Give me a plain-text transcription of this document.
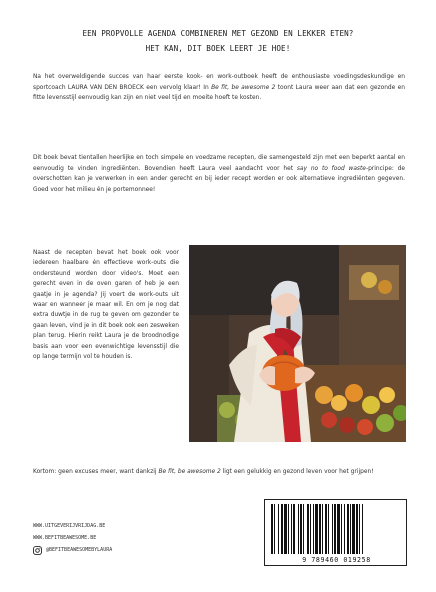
EEN PROPVOLLE AGENDA COMBINEREN MET GEZOND EN LEKKER ETEN?
HET KAN, DIT BOEK LEERT JE HOE!
Na het overweldigende succes van haar eerste kook- en work-outboek heeft de enthousiaste voedingsdeskundige en sportcoach LAURA VAN DEN BROECK een vervolg klaar! In Be fit, be awesome 2 toont Laura weer aan dat een gezonde en fitte levensstijl eenvoudig kan zijn en niet veel tijd en moeite hoeft te kosten.
Dit boek bevat tientallen heerlijke en toch simpele en voedzame recepten, die samengesteld zijn met een beperkt aantal en eenvoudig te vinden ingrediënten. Bovendien heeft Laura veel aandacht voor het say no to food waste-principe: de overschotten kan je verwerken in een ander gerecht en bij ieder recept worden er ook alternatieve ingrediënten gegeven. Goed voor het milieu én je portemonnee!
Naast de recepten bevat het boek ook voor iedereen haalbare én effectieve work-outs die ondersteund worden door video's. Moet een gerecht even in de oven garen of heb je een gaatje in je agenda? Jij voert de work-outs uit waar en wanneer je maar wil. En om je nog dat extra duwtje in de rug te geven om gezonder te gaan leven, vind je in dit boek ook een zesweken plan terug. Hierin reikt Laura je de broodnodige basis aan voor een evenwichtige levensstijl die op lange termijn vol te houden is.
Kortom: geen excuses meer, want dankzij Be fit, be awesome 2 ligt een gelukkig en gezond leven voor het grijpen!
WWW.UITGEVERIJVRIJDAG.BE
WWW.BEFITBEAWESOME.BE
@BEFITBEAWESOMEBYLAURA
9 789460 019258
